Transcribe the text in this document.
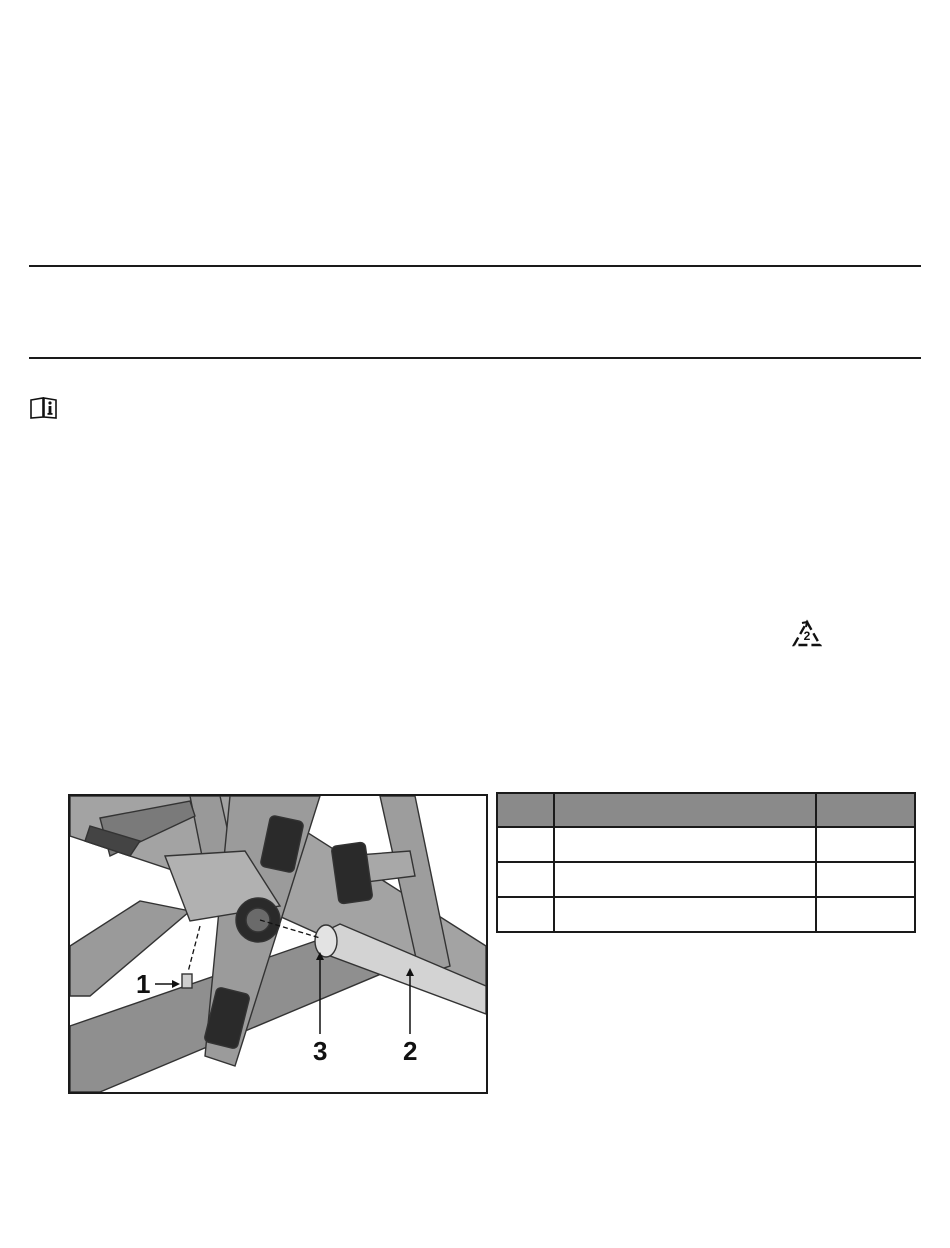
2
1
3	2
